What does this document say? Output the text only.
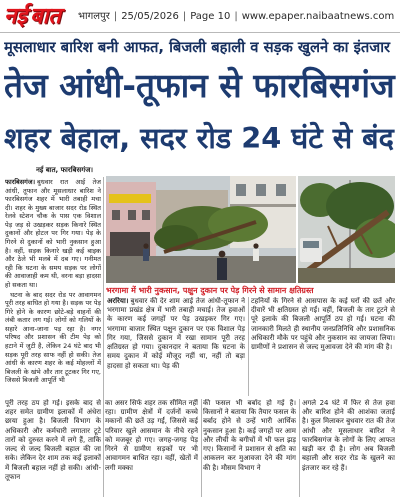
नई बात	भागलपुर | 25/05/2026 | Page 10 | www.epaper.naibaatnews.com
मूसलाधार बारिश बनी आफत, बिजली बहाली व सड़क खुलने का इंतजार
तेज आंधी-तूफान से फारबिसगंज
शहर बेहाल, सदर रोड 24 घंटे से बंद
नई बात, फारबिसगंज।

फारबिसगंज। बुधवार रात आई तेज आंधी, तूफान और मूसलाधार बारिश ने फारबिसगंज शहर में भारी तबाही मचा दी। शहर के मुख्य बाजार सदर रोड स्थित रेलवे स्टेशन चौक के पास एक विशाल पेड़ जड़ से उखड़कर सड़क किनारे स्थित दुकानों और होटल पर गिर गया। पेड़ के गिरने से दुकानों को भारी नुकसान हुआ है। वहीं, सड़क किनारे खड़ी कई बाइक और ठेले भी मलबे में दब गए। गनीमत रही कि घटना के समय सड़क पर लोगों की आवाजाही कम थी, वरना बड़ा हादसा हो सकता था।

घटना के बाद सदर रोड पर आवागमन पूरी तरह बाधित हो गया है। सड़क पर पेड़ गिरे होने के कारण छोटे-बड़े वाहनों की लंबी कतार लग गई। लोगों को गलियों के सहारे आना-जाना पड़ रहा है। नगर परिषद और प्रशासन की टीम पेड़ को हटाने में जुटी है, लेकिन 24 घंटे बाद भी सड़क पूरी तरह साफ नहीं हो सकी। तेज आंधी के कारण शहर के कई मोहल्लों में बिजली के खंभे और तार टूटकर गिर गए, जिससे बिजली आपूर्ति भी

भरगामा में भारी नुकसान, पक्षुन दुकान पर पेड़ गिरने से सामान क्षतिग्रस्त

अररिया। बुधवार की देर शाम आई तेज आंधी-तूफान ने भरगामा प्रखंड क्षेत्र में भारी तबाही मचाई। तेज हवाओं के कारण कई जगहों पर पेड़ उखड़कर गिर गए। भरगामा बाजार स्थित पक्षुन दुकान पर एक विशाल पेड़ गिर गया, जिससे दुकान में रखा सामान पूरी तरह क्षतिग्रस्त हो गया। दुकानदार ने बताया कि घटना के समय दुकान में कोई मौजूद नहीं था, नहीं तो बड़ा हादसा हो सकता था। पेड़ की

टहनियों के गिरने से आसपास के कई घरों की छतें और दीवारें भी क्षतिग्रस्त हो गईं। वहीं, बिजली के तार टूटने से पूरे इलाके की बिजली आपूर्ति ठप हो गई। घटना की जानकारी मिलते ही स्थानीय जनप्रतिनिधि और प्रशासनिक अधिकारी मौके पर पहुंचे और नुकसान का जायजा लिया। ग्रामीणों ने प्रशासन से जल्द मुआवजा देने की मांग की है।

पूरी तरह ठप हो गई। इसके बाद से शहर समेत ग्रामीण इलाकों में अंधेरा छाया हुआ है। बिजली विभाग के अधिकारी और कर्मचारी लगातार टूटे तारों को दुरुस्त करने में लगे हैं, ताकि जल्द से जल्द बिजली बहाल की जा सके। लेकिन देर शाम तक कई इलाकों में बिजली बहाल नहीं हो सकी। आंधी-तूफान

का असर सिर्फ शहर तक सीमित नहीं रहा। ग्रामीण क्षेत्रों में दर्जनों कच्चे मकानों की छतें उड़ गईं, जिससे कई परिवार खुले आसमान के नीचे रहने को मजबूर हो गए। जगह-जगह पेड़ गिरने से ग्रामीण सड़कों पर भी आवागमन बाधित रहा। वहीं, खेतों में लगी मक्का

की फसल भी बर्बाद हो गई है। किसानों ने बताया कि तैयार फसल के बर्बाद होने से उन्हें भारी आर्थिक नुकसान हुआ है। कई जगहों पर आम और लीची के बगीचों में भी फल झड़ गए। किसानों ने प्रशासन से क्षति का आकलन कर मुआवजा देने की मांग की है। मौसम विभाग ने

अगले 24 घंटे में फिर से तेज हवा और बारिश होने की आशंका जताई है। कुल मिलाकर बुधवार रात की तेज आंधी और मूसलाधार बारिश ने फारबिसगंज के लोगों के लिए आफत खड़ी कर दी है। लोग अब बिजली बहाली और सदर रोड के खुलने का इंतजार कर रहे हैं।
